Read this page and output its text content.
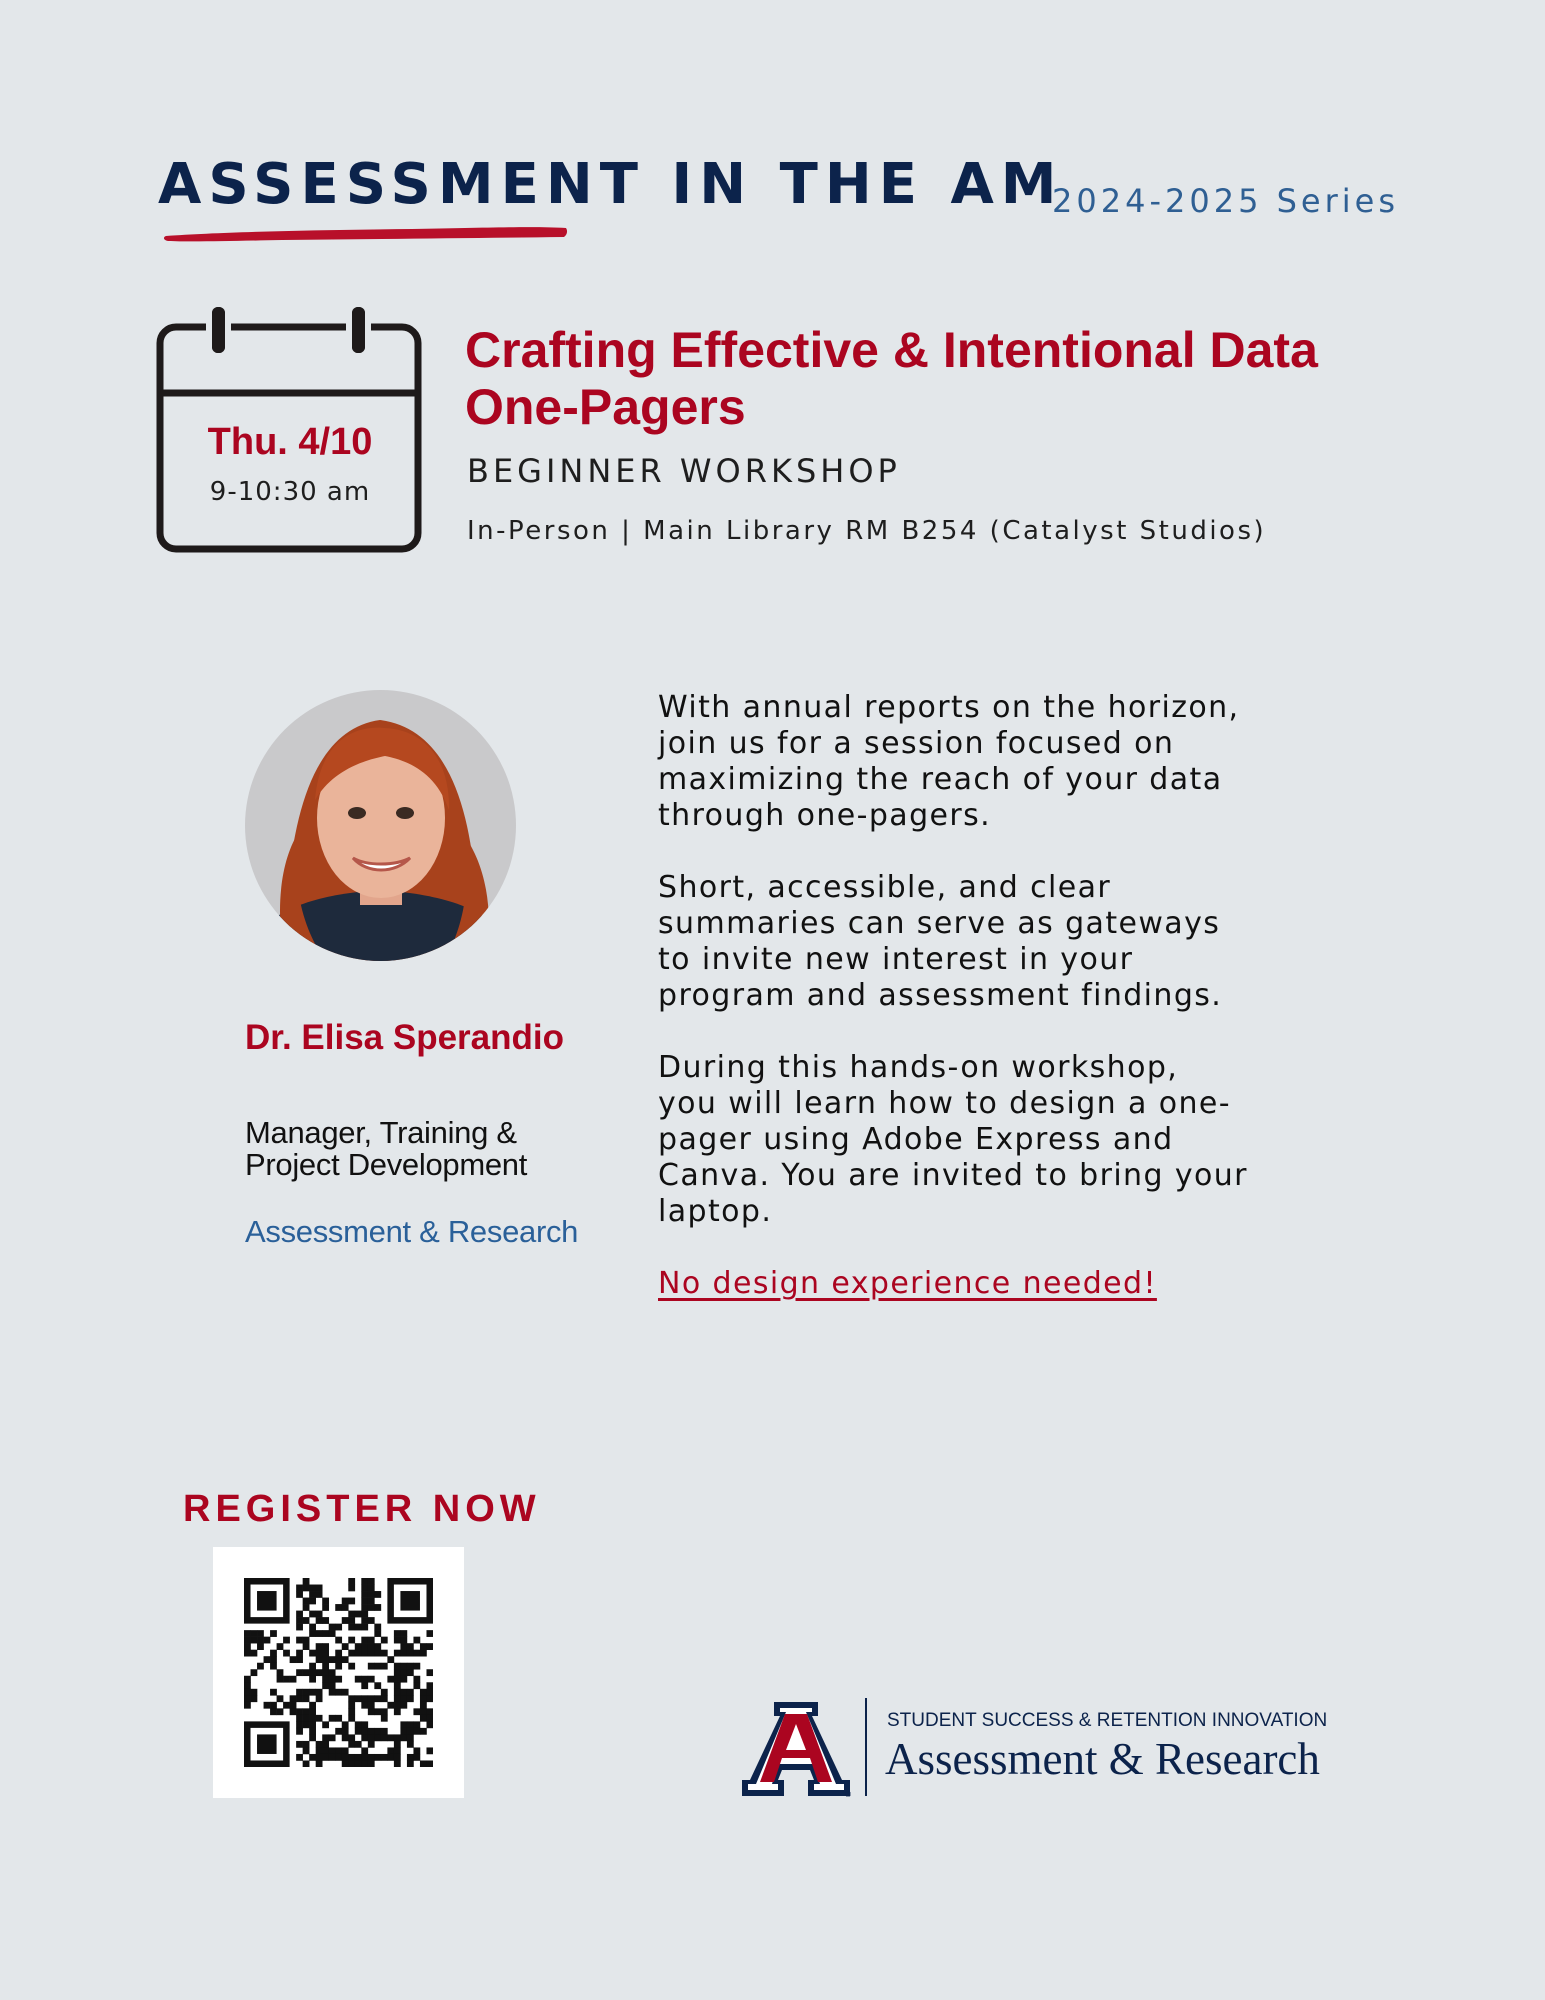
ASSESSMENT IN THE AM
2024-2025 Series
Thu. 4/10
9-10:30 am
Crafting Effective & Intentional Data One-Pagers
BEGINNER WORKSHOP
In-Person | Main Library RM B254 (Catalyst Studios)
Dr. Elisa Sperandio
Manager, Training & Project Development
Assessment & Research

With annual reports on the horizon, join us for a session focused on maximizing the reach of your data through one-pagers.

Short, accessible, and clear summaries can serve as gateways to invite new interest in your program and assessment findings.

During this hands-on workshop, you will learn how to design a one-pager using Adobe Express and Canva. You are invited to bring your laptop.

No design experience needed!

REGISTER NOW
®
STUDENT SUCCESS & RETENTION INNOVATION
Assessment & Research
